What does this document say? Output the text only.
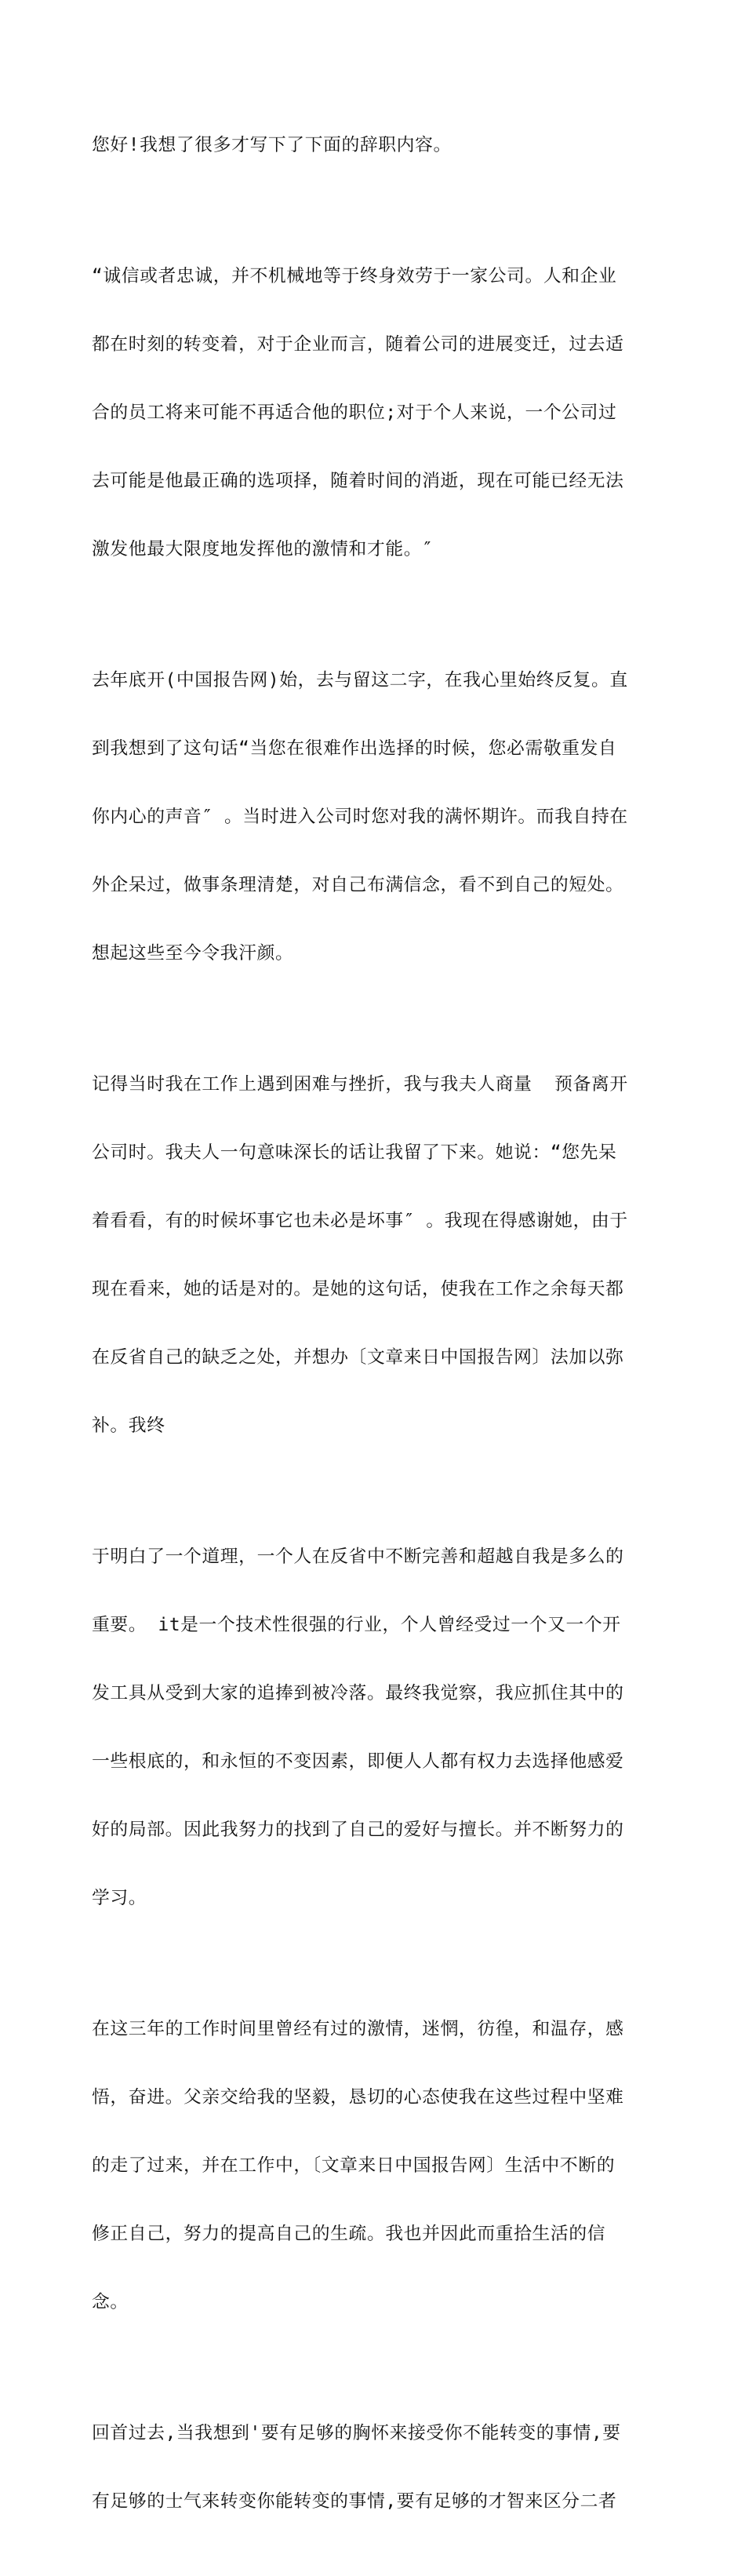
您好!我想了很多才写下了下面的辞职内容。

“诚信或者忠诚，并不机械地等于终身效劳于一家公司。人和企业

都在时刻的转变着，对于企业而言，随着公司的进展变迁，过去适

合的员工将来可能不再适合他的职位;对于个人来说，一个公司过

去可能是他最正确的选项择，随着时间的消逝，现在可能已经无法

激发他最大限度地发挥他的激情和才能。″

去年底开(中国报告网)始，去与留这二字，在我心里始终反复。直

到我想到了这句话“当您在很难作出选择的时候，您必需敬重发自

你内心的声音″ 。当时进入公司时您对我的满怀期许。而我自持在

外企呆过，做事条理清楚，对自己布满信念，看不到自己的短处。

想起这些至今令我汗颜。

记得当时我在工作上遇到困难与挫折，我与我夫人商量  预备离开

公司时。我夫人一句意味深长的话让我留了下来。她说：“您先呆

着看看，有的时候坏事它也未必是坏事″ 。我现在得感谢她，由于

现在看来，她的话是对的。是她的这句话，使我在工作之余每天都

在反省自己的缺乏之处，并想办〔文章来日中国报告网〕法加以弥

补。我终

于明白了一个道理，一个人在反省中不断完善和超越自我是多么的

重要。 it是一个技术性很强的行业，个人曾经受过一个又一个开

发工具从受到大家的追捧到被冷落。最终我觉察，我应抓住其中的

一些根底的，和永恒的不变因素，即便人人都有权力去选择他感爱

好的局部。因此我努力的找到了自己的爱好与擅长。并不断努力的

学习。

在这三年的工作时间里曾经有过的激情，迷惘，彷徨，和温存，感

悟，奋进。父亲交给我的坚毅，恳切的心态使我在这些过程中坚难

的走了过来，并在工作中，〔文章来日中国报告网〕生活中不断的

修正自己，努力的提高自己的生疏。我也并因此而重拾生活的信

念。

回首过去,当我想到'要有足够的胸怀来接受你不能转变的事情,要

有足够的士气来转变你能转变的事情,要有足够的才智来区分二者
